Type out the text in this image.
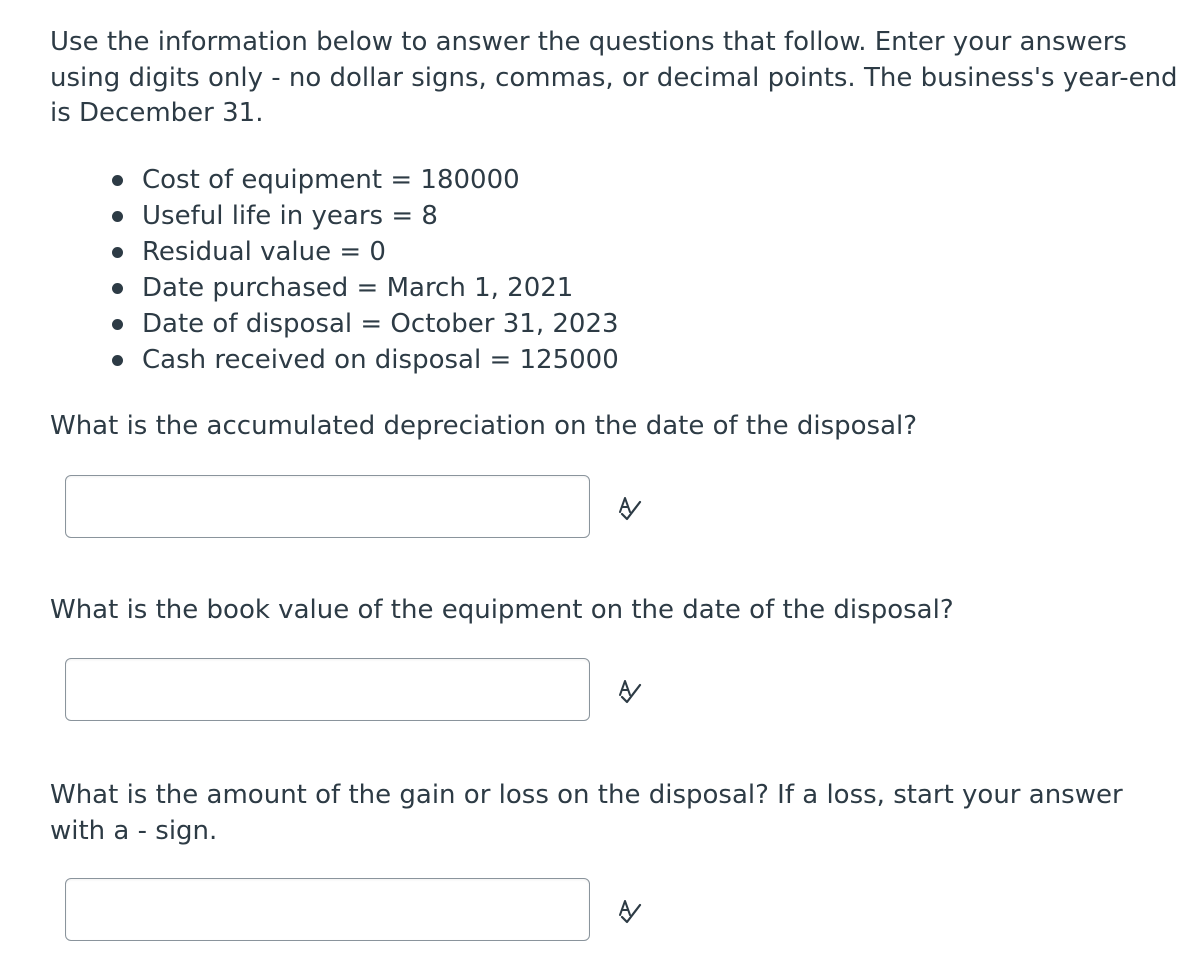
Use the information below to answer the questions that follow. Enter your answers
using digits only - no dollar signs, commas, or decimal points. The business's year-end
is December 31.
Cost of equipment = 180000
Useful life in years = 8
Residual value = 0
Date purchased = March 1, 2021
Date of disposal = October 31, 2023
Cash received on disposal = 125000

What is the accumulated depreciation on the date of the disposal?

What is the book value of the equipment on the date of the disposal?

What is the amount of the gain or loss on the disposal? If a loss, start your answer
with a - sign.
